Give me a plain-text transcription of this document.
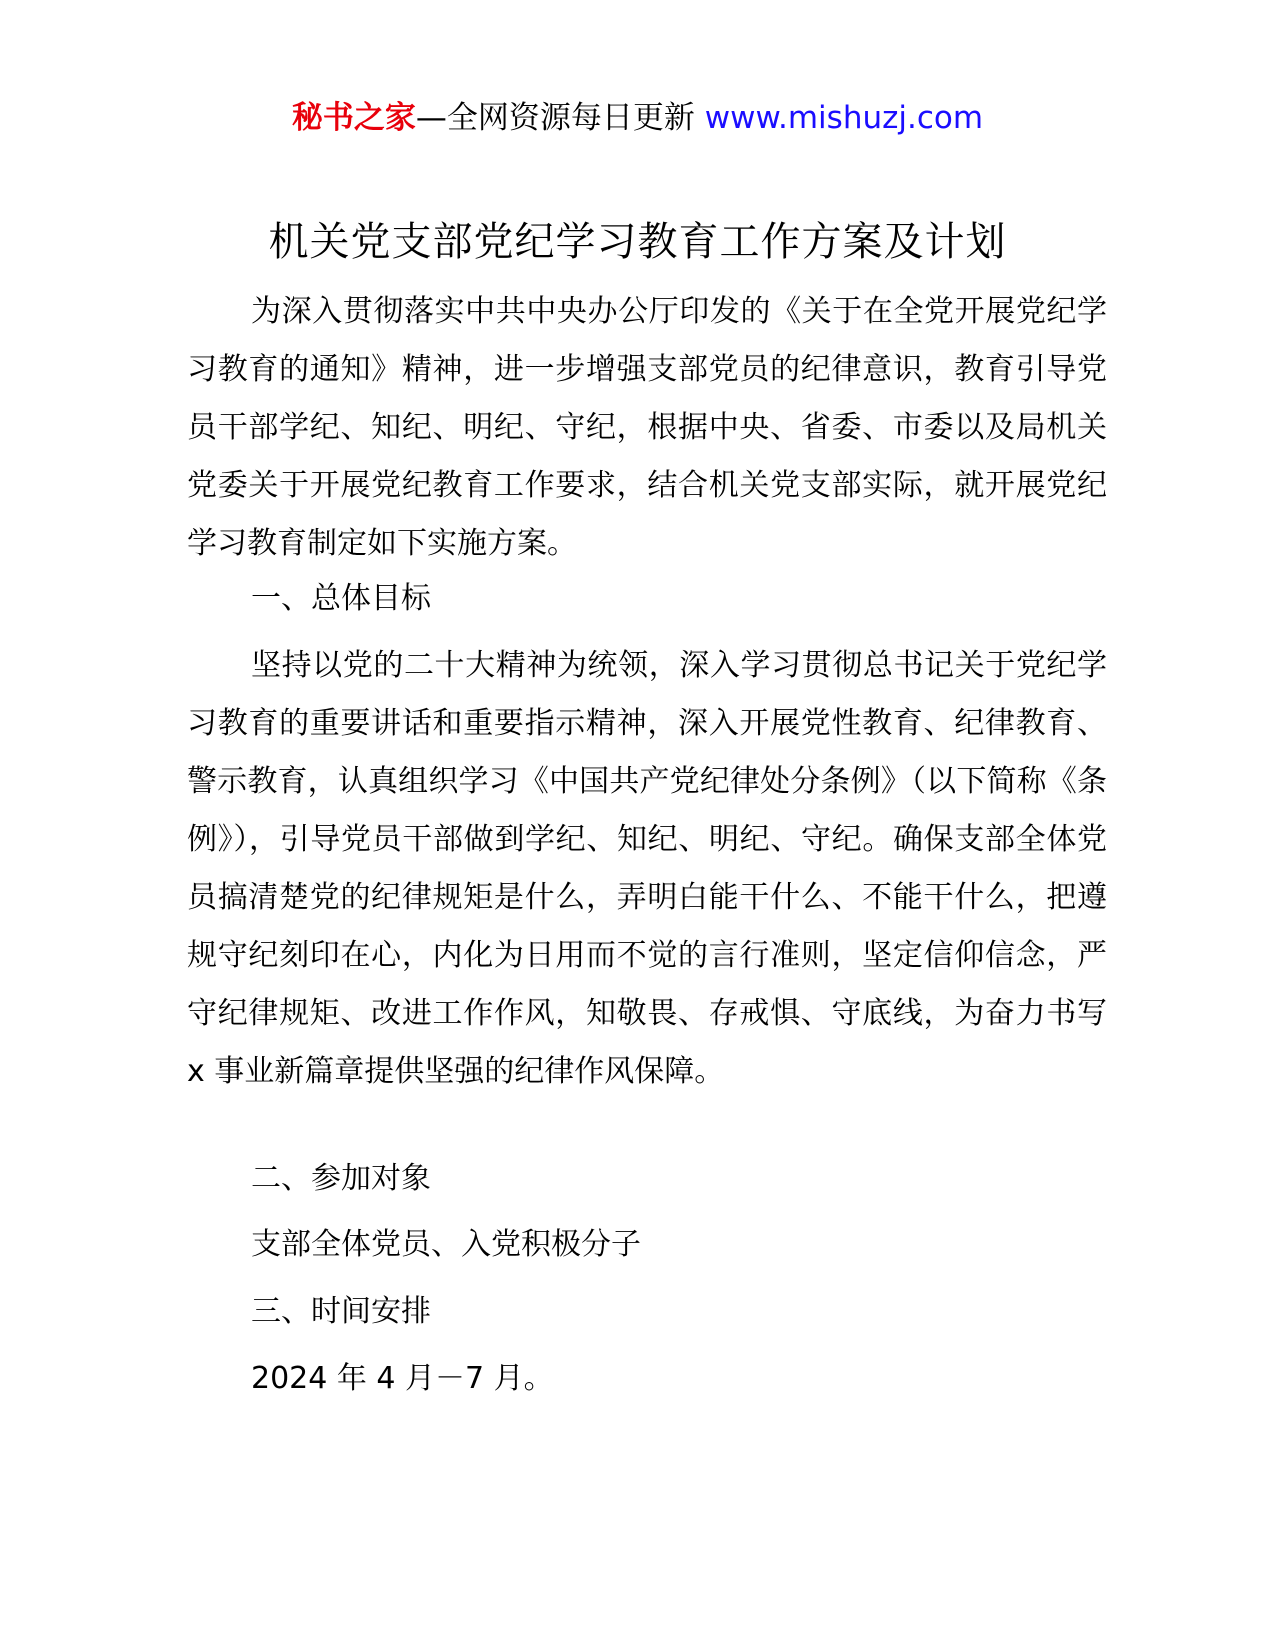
秘书之家—全网资源每日更新 www.mishuzj.com
机关党支部党纪学习教育工作方案及计划

为深入贯彻落实中共中央办公厅印发的《关于在全党开展党纪学习教育的通知》精神，进一步增强支部党员的纪律意识，教育引导党员干部学纪、知纪、明纪、守纪，根据中央、省委、市委以及局机关党委关于开展党纪教育工作要求，结合机关党支部实际，就开展党纪学习教育制定如下实施方案。

一、总体目标

坚持以党的二十大精神为统领，深入学习贯彻总书记关于党纪学习教育的重要讲话和重要指示精神，深入开展党性教育、纪律教育、警示教育，认真组织学习《中国共产党纪律处分条例》（以下简称《条例》），引导党员干部做到学纪、知纪、明纪、守纪。确保支部全体党员搞清楚党的纪律规矩是什么，弄明白能干什么、不能干什么，把遵规守纪刻印在心，内化为日用而不觉的言行准则，坚定信仰信念，严守纪律规矩、改进工作作风，知敬畏、存戒惧、守底线，为奋力书写 x 事业新篇章提供坚强的纪律作风保障。

二、参加对象

支部全体党员、入党积极分子

三、时间安排

2024 年 4 月－7 月。
